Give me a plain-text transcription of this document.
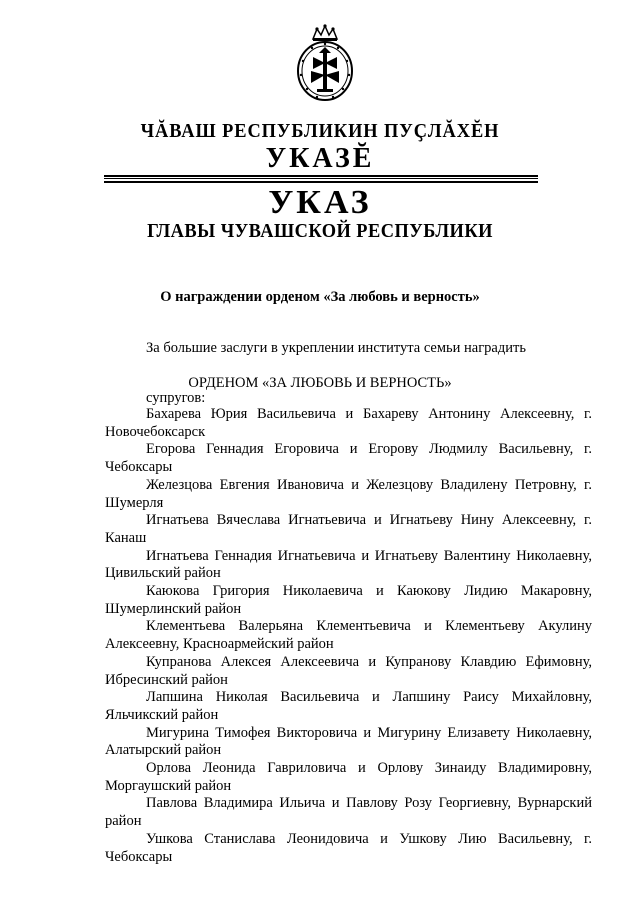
ЧĂВАШ РЕСПУБЛИКИН ПУҪЛĂХĔН
УКАЗĔ
УКАЗ
ГЛАВЫ ЧУВАШСКОЙ РЕСПУБЛИКИ
О награждении орденом «За любовь и верность»
За большие заслуги в укреплении института семьи наградить
ОРДЕНОМ «ЗА ЛЮБОВЬ И ВЕРНОСТЬ»
супругов:
Бахарева Юрия Васильевича и Бахареву Антонину Алексеевну, г. Новочебоксарск
Егорова Геннадия Егоровича и Егорову Людмилу Васильевну, г. Чебоксары
Железцова Евгения Ивановича и Железцову Владилену Петровну, г. Шумерля
Игнатьева Вячеслава Игнатьевича и Игнатьеву Нину Алексеевну, г. Канаш
Игнатьева Геннадия Игнатьевича и Игнатьеву Валентину Николаевну, Цивильский район
Каюкова Григория Николаевича и Каюкову Лидию Макаровну, Шумерлинский район
Клементьева Валерьяна Клементьевича и Клементьеву Акулину Алексеевну, Красноармейский район
Купранова Алексея Алексеевича и Купранову Клавдию Ефимовну, Ибресинский район
Лапшина Николая Васильевича и Лапшину Раису Михайловну, Яльчикский район
Мигурина Тимофея Викторовича и Мигурину Елизавету Николаевну, Алатырский район
Орлова Леонида Гавриловича и Орлову Зинаиду Владимировну, Моргаушский район
Павлова Владимира Ильича и Павлову Розу Георгиевну, Вурнарский район
Ушкова Станислава Леонидовича и Ушкову Лию Васильевну, г. Чебоксары
